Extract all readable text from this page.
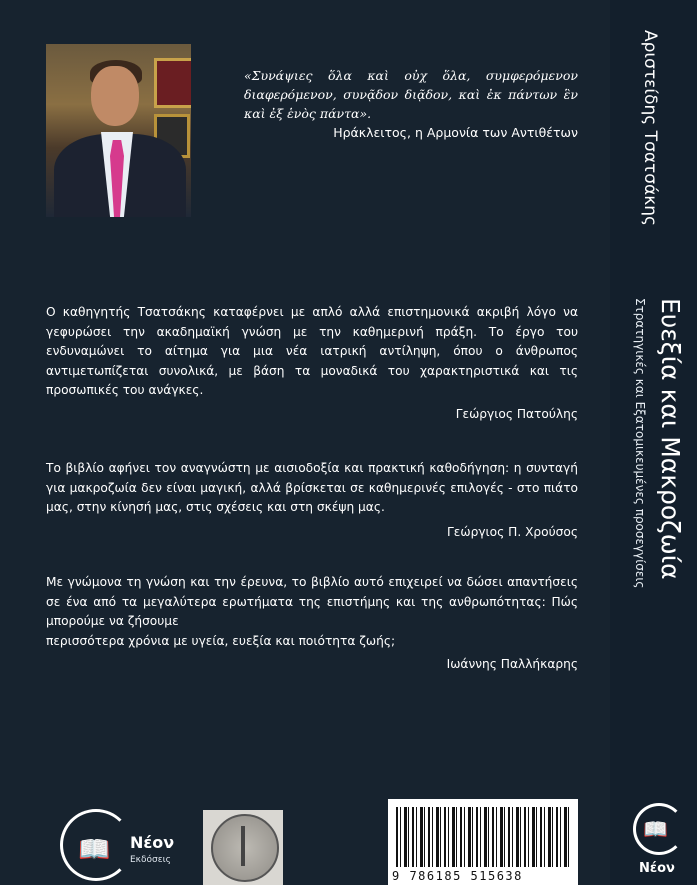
«Συνάψιες ὅλα καὶ οὐχ ὅλα, συμφερόμενον διαφερόμενον, συνᾷδον διᾷδον, καὶ ἐκ πάντων ἓν καὶ ἐξ ἑνὸς πάντα».
Ηράκλειτος, η Αρμονία των Αντιθέτων
Ο καθηγητής Τσατσάκης καταφέρνει με απλό αλλά επιστημονικά ακριβή λόγο να γεφυρώσει την ακαδημαϊκή γνώση με την καθημερινή πράξη. Το έργο του ενδυναμώνει το αίτημα για μια νέα ιατρική αντίληψη, όπου ο άνθρωπος αντιμετωπίζεται συνολικά, με βάση τα μοναδικά του χαρακτηριστικά και τις προσωπικές του ανάγκες.
Γεώργιος Πατούλης
Το βιβλίο αφήνει τον αναγνώστη με αισιοδοξία και πρακτική καθοδήγηση: η συνταγή για μακροζωία δεν είναι μαγική, αλλά βρίσκεται σε καθημερινές επιλογές - στο πιάτο μας, στην κίνησή μας, στις σχέσεις και στη σκέψη μας.
Γεώργιος Π. Χρούσος
Με γνώμονα τη γνώση και την έρευνα, το βιβλίο αυτό επιχειρεί να δώσει απαντήσεις σε ένα από τα μεγαλύτερα ερωτήματα της επιστήμης και της ανθρωπότητας: Πώς μπορούμε να ζήσουμε
περισσότερα χρόνια με υγεία, ευεξία και ποιότητα ζωής;
Ιωάννης Παλλήκαρης
📖 Νέον
Εκδόσεις
9 786185 515638
Αριστείδης Τσατσάκης
Ευεξία και Μακροζωία
Στρατηγικές και Εξατομικευμένες προσεγγίσεις
📖
Νέον
